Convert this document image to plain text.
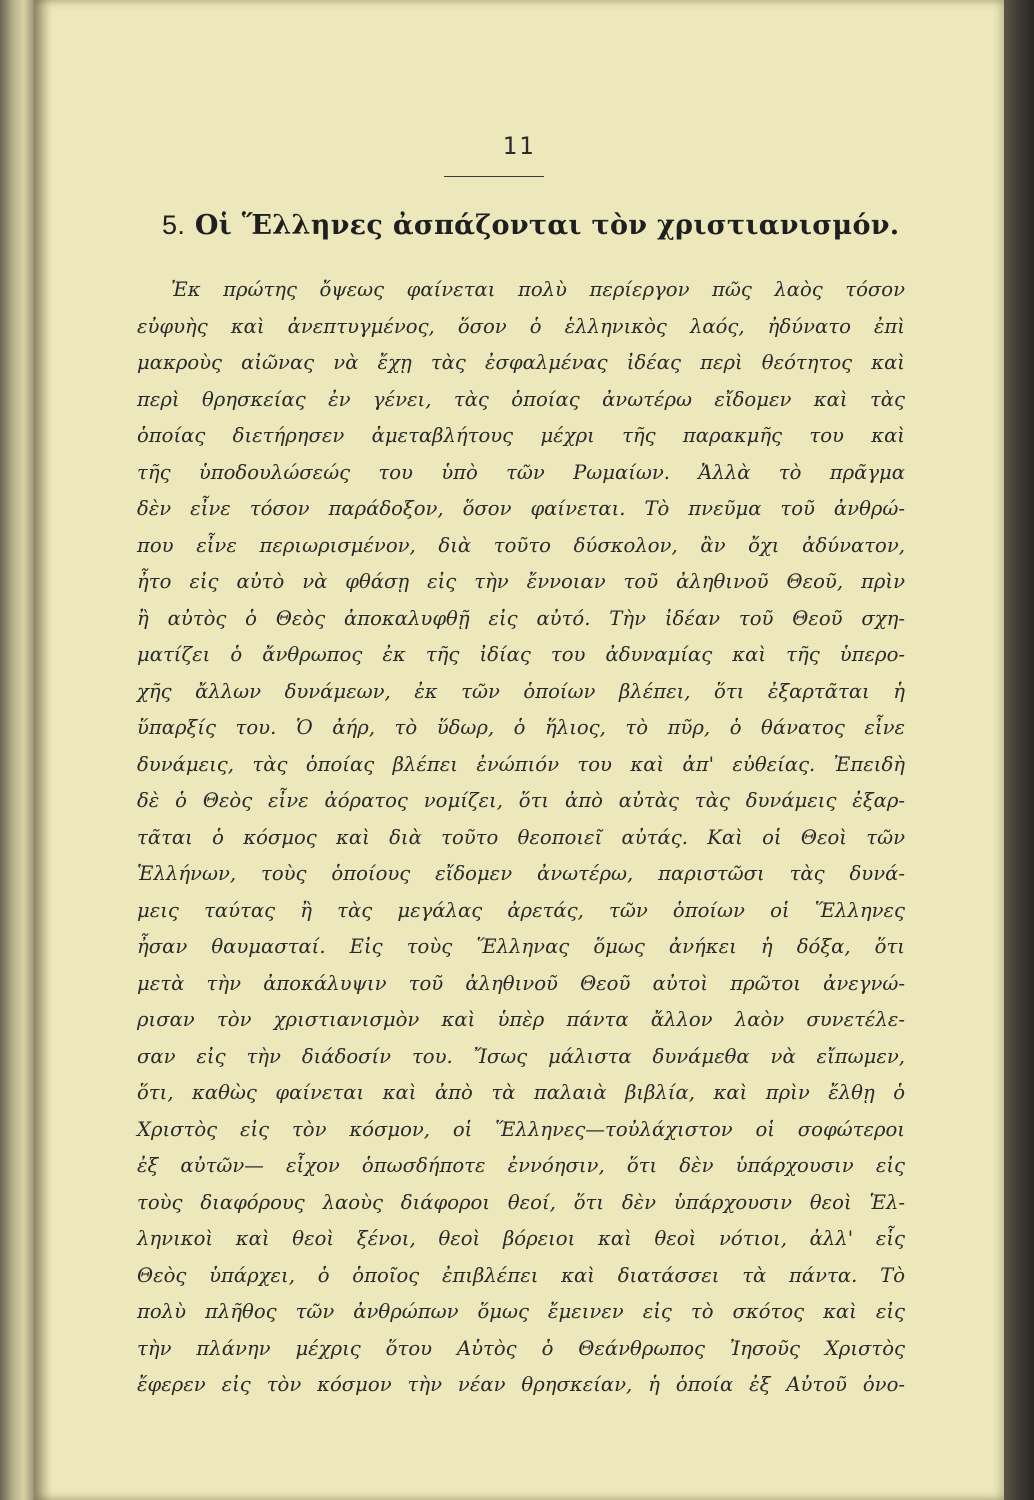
11
5. Οἱ Ἕλληνες ἀσπάζονται τὸν χριστιανισμόν.
Ἐκ πρώτης ὄψεως φαίνεται πολὺ περίεργον πῶς λαὸς τόσον
εὐφυὴς καὶ ἀνεπτυγμένος, ὅσον ὁ ἑλληνικὸς λαός, ἠδύνατο ἐπὶ
μακροὺς αἰῶνας νὰ ἔχῃ τὰς ἐσφαλμένας ἰδέας περὶ θεότητος καὶ
περὶ θρησκείας ἐν γένει, τὰς ὁποίας ἀνωτέρω εἴδομεν καὶ τὰς
ὁποίας διετήρησεν ἀμεταβλήτους μέχρι τῆς παρακμῆς του καὶ
τῆς ὑποδουλώσεώς του ὑπὸ τῶν Ρωμαίων. Ἀλλὰ τὸ πρᾶγμα
δὲν εἶνε τόσον παράδοξον, ὅσον φαίνεται. Τὸ πνεῦμα τοῦ ἀνθρώ-
που εἶνε περιωρισμένον, διὰ τοῦτο δύσκολον, ἂν ὄχι ἀδύνατον,
ἦτο εἰς αὐτὸ νὰ φθάσῃ εἰς τὴν ἔννοιαν τοῦ ἀληθινοῦ Θεοῦ, πρὶν
ἢ αὐτὸς ὁ Θεὸς ἀποκαλυφθῇ εἰς αὐτό. Τὴν ἰδέαν τοῦ Θεοῦ σχη-
ματίζει ὁ ἄνθρωπος ἐκ τῆς ἰδίας του ἀδυναμίας καὶ τῆς ὑπερο-
χῆς ἄλλων δυνάμεων, ἐκ τῶν ὁποίων βλέπει, ὅτι ἐξαρτᾶται ἡ
ὕπαρξίς του. Ὁ ἀήρ, τὸ ὕδωρ, ὁ ἥλιος, τὸ πῦρ, ὁ θάνατος εἶνε
δυνάμεις, τὰς ὁποίας βλέπει ἐνώπιόν του καὶ ἀπ' εὐθείας. Ἐπειδὴ
δὲ ὁ Θεὸς εἶνε ἀόρατος νομίζει, ὅτι ἀπὸ αὐτὰς τὰς δυνάμεις ἐξαρ-
τᾶται ὁ κόσμος καὶ διὰ τοῦτο θεοποιεῖ αὐτάς. Καὶ οἱ Θεοὶ τῶν
Ἑλλήνων, τοὺς ὁποίους εἴδομεν ἀνωτέρω, παριστῶσι τὰς δυνά-
μεις ταύτας ἢ τὰς μεγάλας ἀρετάς, τῶν ὁποίων οἱ Ἕλληνες
ἦσαν θαυμασταί. Εἰς τοὺς Ἕλληνας ὅμως ἀνήκει ἡ δόξα, ὅτι
μετὰ τὴν ἀποκάλυψιν τοῦ ἀληθινοῦ Θεοῦ αὐτοὶ πρῶτοι ἀνεγνώ-
ρισαν τὸν χριστιανισμὸν καὶ ὑπὲρ πάντα ἄλλον λαὸν συνετέλε-
σαν εἰς τὴν διάδοσίν του. Ἴσως μάλιστα δυνάμεθα νὰ εἴπωμεν,
ὅτι, καθὼς φαίνεται καὶ ἀπὸ τὰ παλαιὰ βιβλία, καὶ πρὶν ἔλθῃ ὁ
Χριστὸς εἰς τὸν κόσμον, οἱ Ἕλληνες—τοὐλάχιστον οἱ σοφώτεροι
ἐξ αὐτῶν— εἶχον ὁπωσδήποτε ἐννόησιν, ὅτι δὲν ὑπάρχουσιν εἰς
τοὺς διαφόρους λαοὺς διάφοροι θεοί, ὅτι δὲν ὑπάρχουσιν θεοὶ Ἑλ-
ληνικοὶ καὶ θεοὶ ξένοι, θεοὶ βόρειοι καὶ θεοὶ νότιοι, ἀλλ' εἷς
Θεὸς ὑπάρχει, ὁ ὁποῖος ἐπιβλέπει καὶ διατάσσει τὰ πάντα. Τὸ
πολὺ πλῆθος τῶν ἀνθρώπων ὅμως ἔμεινεν εἰς τὸ σκότος καὶ εἰς
τὴν πλάνην μέχρις ὅτου Αὐτὸς ὁ Θεάνθρωπος Ἰησοῦς Χριστὸς
ἔφερεν εἰς τὸν κόσμον τὴν νέαν θρησκείαν, ἡ ὁποία ἐξ Αὐτοῦ ὀνο-
